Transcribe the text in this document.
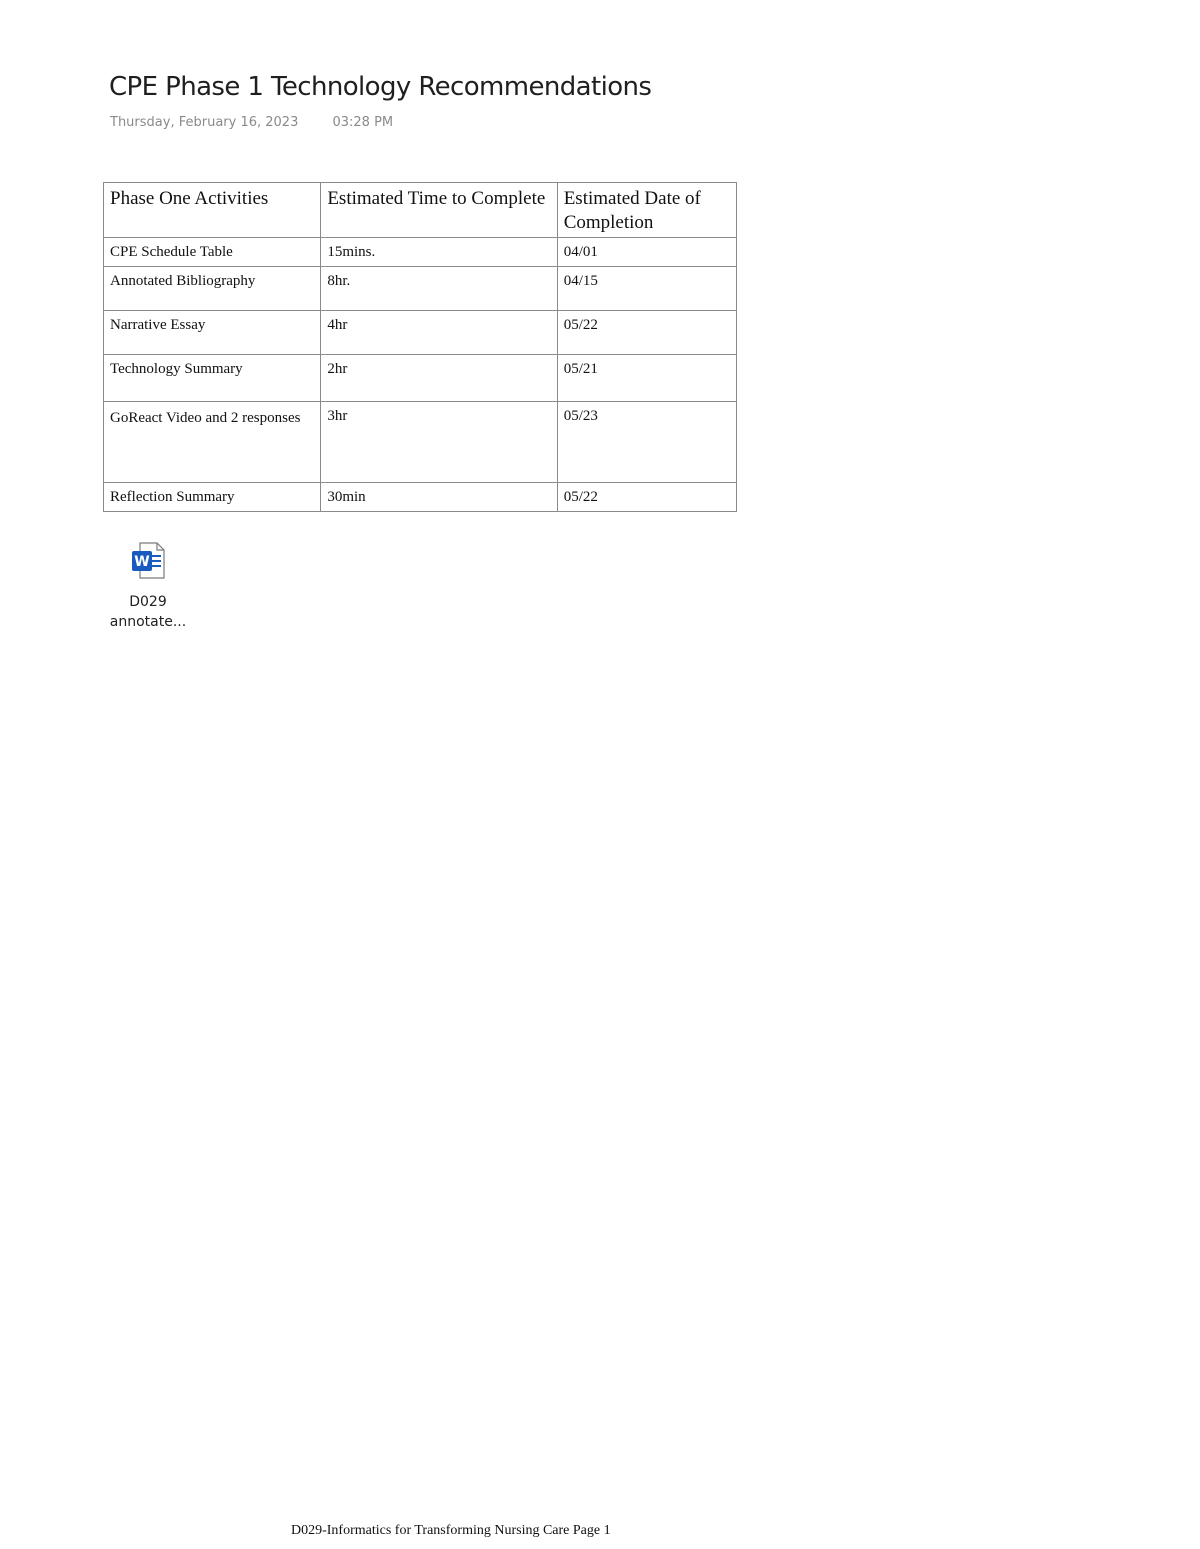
CPE Phase 1 Technology Recommendations
Thursday, February 16, 2023	03:28 PM
Phase One Activities	Estimated Time to Complete	Estimated Date of Completion
CPE Schedule Table	15mins.	04/01
Annotated Bibliography	8hr.	04/15
Narrative Essay	4hr	05/22
Technology Summary	2hr	05/21
GoReact Video and 2 responses	3hr	05/23
Reflection Summary	30min	05/22
W
D029
annotate...
D029-Informatics for Transforming Nursing Care Page 1
